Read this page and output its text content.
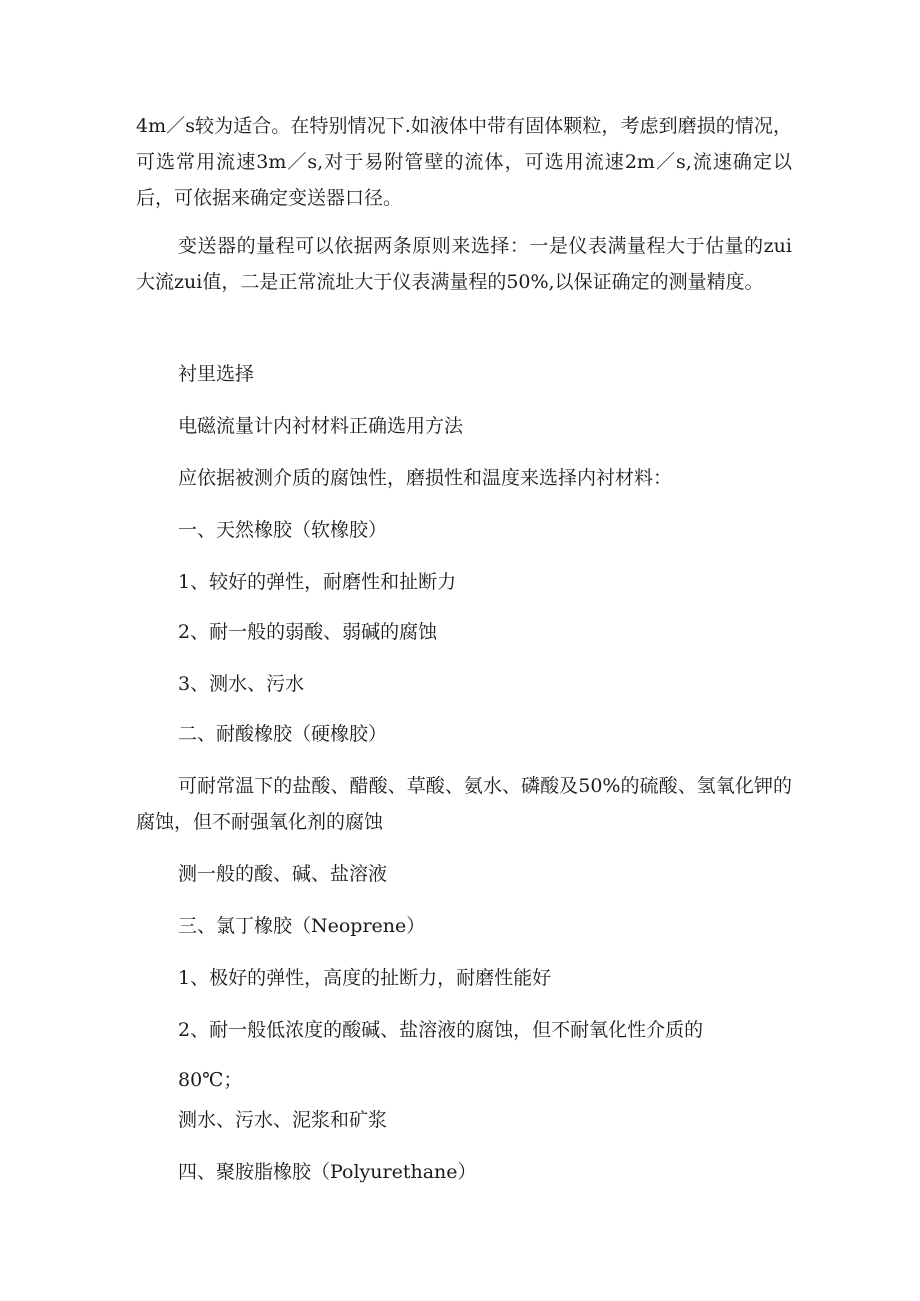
4m／s较为适合。在特别情况下.如液体中带有固体颗粒，考虑到磨损的情况，可选常用流速3m／s,对于易附管壁的流体，可选用流速2m／s,流速确定以后，可依据来确定变送器口径。

变送器的量程可以依据两条原则来选择：一是仪表满量程大于估量的zui大流zui值，二是正常流址大于仪表满量程的50%,以保证确定的测量精度。

衬里选择

电磁流量计内衬材料正确选用方法

应依据被测介质的腐蚀性，磨损性和温度来选择内衬材料：

一、天然橡胶（软橡胶）

1、较好的弹性，耐磨性和扯断力

2、耐一般的弱酸、弱碱的腐蚀

3、测水、污水

二、耐酸橡胶（硬橡胶）

可耐常温下的盐酸、醋酸、草酸、氨水、磷酸及50%的硫酸、氢氧化钾的腐蚀，但不耐强氧化剂的腐蚀

测一般的酸、碱、盐溶液

三、氯丁橡胶（Neoprene）

1、极好的弹性，高度的扯断力，耐磨性能好

2、耐一般低浓度的酸碱、盐溶液的腐蚀，但不耐氧化性介质的

80℃；

测水、污水、泥浆和矿浆

四、聚胺脂橡胶（Polyurethane）
